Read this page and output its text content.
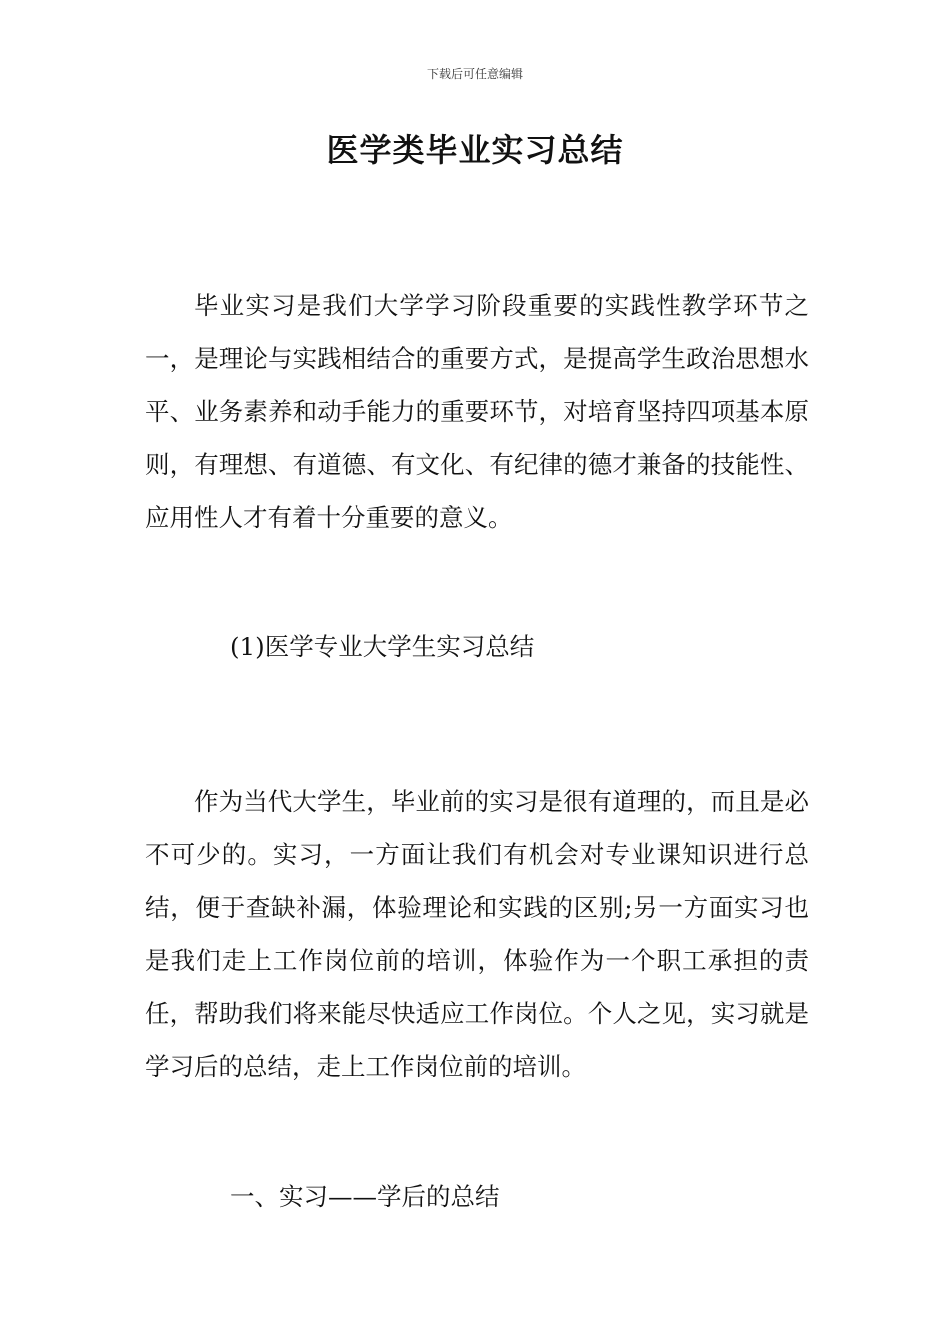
下载后可任意编辑
医学类毕业实习总结

毕业实习是我们大学学习阶段重要的实践性教学环节之一，是理论与实践相结合的重要方式，是提高学生政治思想水平、业务素养和动手能力的重要环节，对培育坚持四项基本原则，有理想、有道德、有文化、有纪律的德才兼备的技能性、应用性人才有着十分重要的意义。

(1)医学专业大学生实习总结

作为当代大学生，毕业前的实习是很有道理的，而且是必不可少的。实习，一方面让我们有机会对专业课知识进行总结，便于查缺补漏，体验理论和实践的区别;另一方面实习也是我们走上工作岗位前的培训，体验作为一个职工承担的责任，帮助我们将来能尽快适应工作岗位。个人之见，实习就是学习后的总结，走上工作岗位前的培训。

一、实习——学后的总结
